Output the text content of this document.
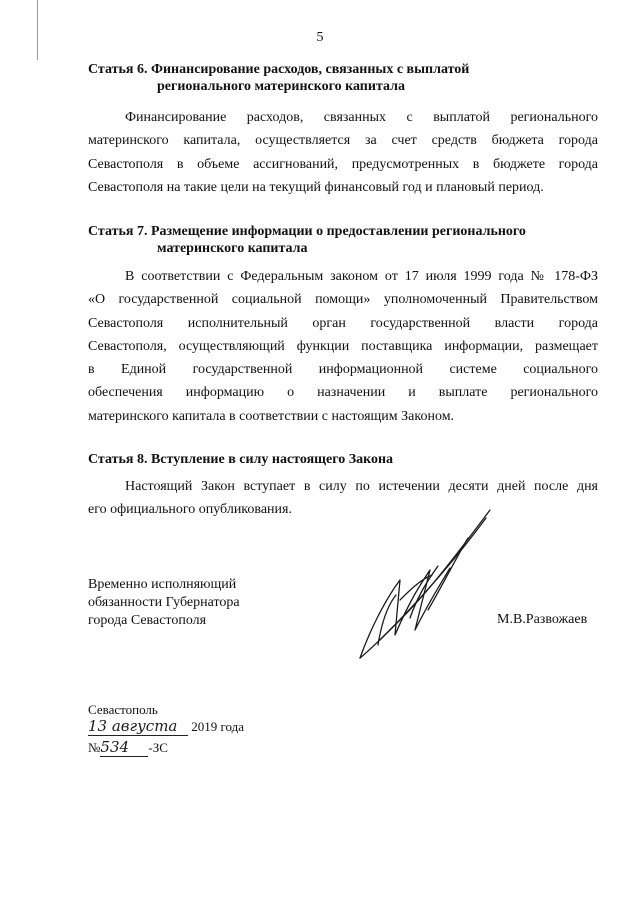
5
Статья 6. Финансирование расходов, связанных с выплатой
регионального материнского капитала
Финансирование расходов, связанных с выплатой регионального
материнского капитала, осуществляется за счет средств бюджета города
Севастополя в объеме ассигнований, предусмотренных в бюджете города
Севастополя на такие цели на текущий финансовый год и плановый период.
Статья 7. Размещение информации о предоставлении регионального
материнского капитала
В соответствии с Федеральным законом от 17 июля 1999 года № 178-ФЗ
«О государственной социальной помощи» уполномоченный Правительством
Севастополя исполнительный орган государственной власти города
Севастополя, осуществляющий функции поставщика информации, размещает
в Единой государственной информационной системе социального
обеспечения информацию о назначении и выплате регионального
материнского капитала в соответствии с настоящим Законом.
Статья 8. Вступление в силу настоящего Закона
Настоящий Закон вступает в силу по истечении десяти дней после дня
его официального опубликования.
Временно исполняющий
обязанности Губернатора
города Севастополя	М.В.Развожаев
Севастополь
13 августа 2019 года
№534 -ЗС
